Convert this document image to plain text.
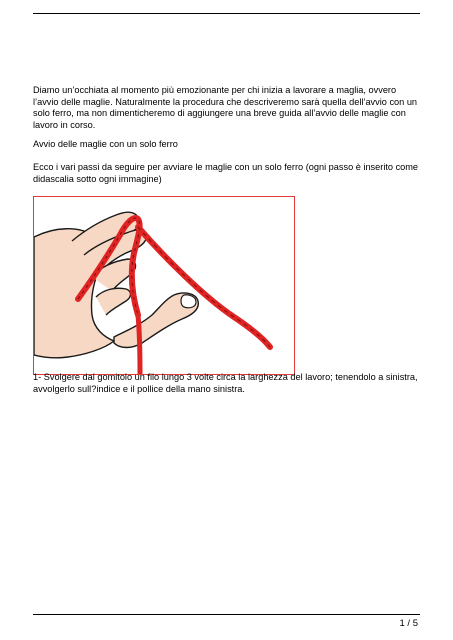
Diamo un’occhiata al momento più emozionante per chi inizia a lavorare a maglia, ovvero l’avvio delle maglie. Naturalmente la procedura che descriveremo sarà quella dell’avvio con un solo ferro, ma non dimenticheremo di aggiungere una breve guida all’avvio delle maglie con lavoro in corso.

Avvio delle maglie con un solo ferro

Ecco i vari passi da seguire per avviare le maglie con un solo ferro (ogni passo è inserito come didascalia sotto ogni immagine)

1- Svolgere dal gomitolo un filo lungo 3 volte circa la larghezza del lavoro; tenendolo a sinistra, avvolgerlo sull?indice e il pollice della mano sinistra.

1 / 5
